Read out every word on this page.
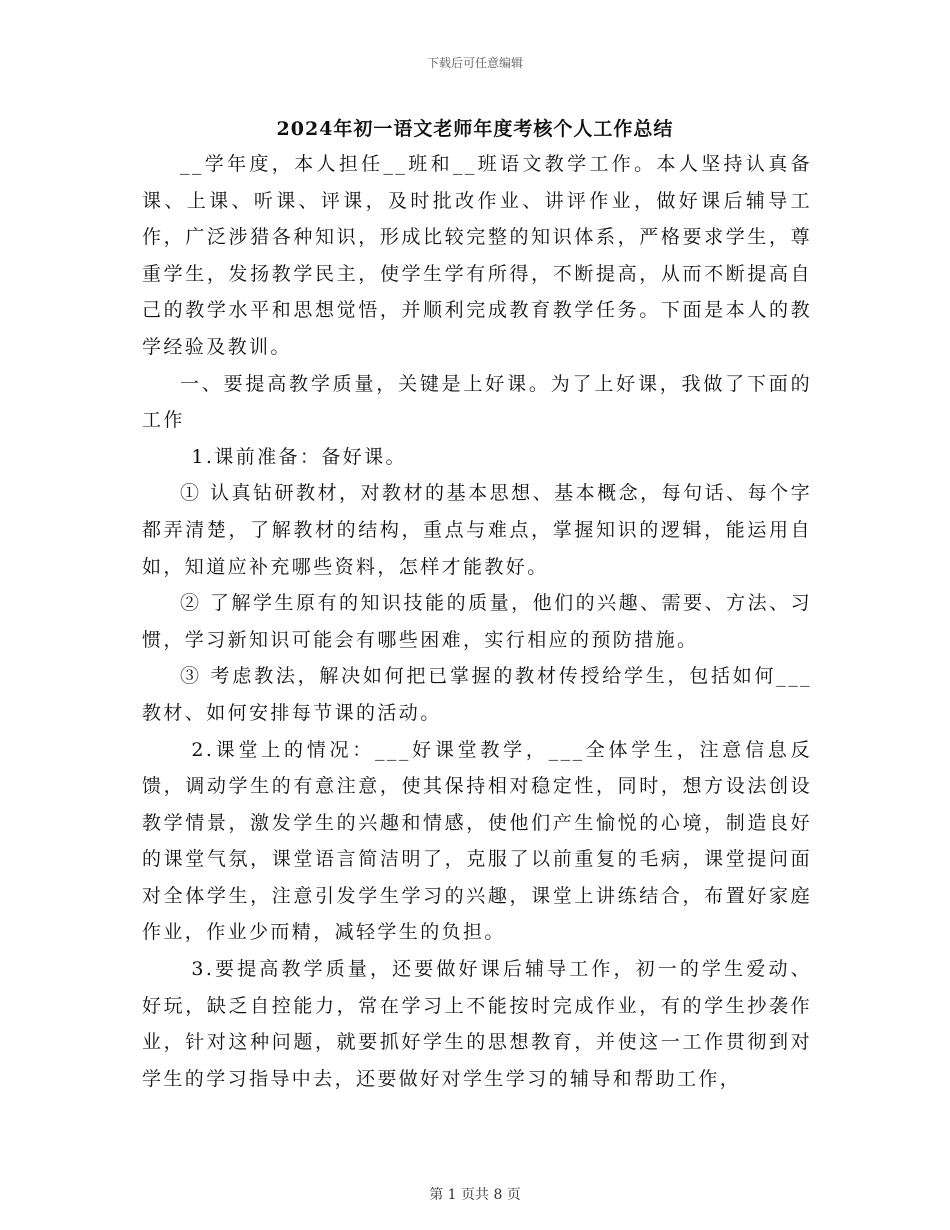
下载后可任意编辑
2024年初一语文老师年度考核个人工作总结

__学年度，本人担任__班和__班语文教学工作。本人坚持认真备课、上课、听课、评课，及时批改作业、讲评作业，做好课后辅导工作，广泛涉猎各种知识，形成比较完整的知识体系，严格要求学生，尊重学生，发扬教学民主，使学生学有所得，不断提高，从而不断提高自己的教学水平和思想觉悟，并顺利完成教育教学任务。下面是本人的教学经验及教训。

一、要提高教学质量，关键是上好课。为了上好课，我做了下面的工作

1.课前准备：备好课。

① 认真钻研教材，对教材的基本思想、基本概念，每句话、每个字都弄清楚，了解教材的结构，重点与难点，掌握知识的逻辑，能运用自如，知道应补充哪些资料，怎样才能教好。

② 了解学生原有的知识技能的质量，他们的兴趣、需要、方法、习惯，学习新知识可能会有哪些困难，实行相应的预防措施。

③ 考虑教法，解决如何把已掌握的教材传授给学生，包括如何___教材、如何安排每节课的活动。

2.课堂上的情况：___好课堂教学，___全体学生，注意信息反馈，调动学生的有意注意，使其保持相对稳定性，同时，想方设法创设教学情景，激发学生的兴趣和情感，使他们产生愉悦的心境，制造良好的课堂气氛，课堂语言简洁明了，克服了以前重复的毛病，课堂提问面对全体学生，注意引发学生学习的兴趣，课堂上讲练结合，布置好家庭作业，作业少而精，减轻学生的负担。

3.要提高教学质量，还要做好课后辅导工作，初一的学生爱动、好玩，缺乏自控能力，常在学习上不能按时完成作业，有的学生抄袭作业，针对这种问题，就要抓好学生的思想教育，并使这一工作贯彻到对学生的学习指导中去，还要做好对学生学习的辅导和帮助工作，

第 1 页共 8 页
